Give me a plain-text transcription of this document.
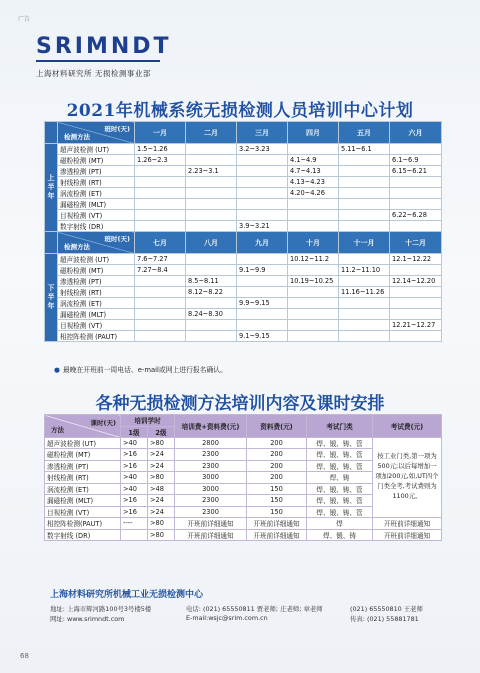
广告
SRIMNDT
上海材料研究所 无损检测事业部
2021年机械系统无损检测人员培训中心计划

	班时(天)
检测方法	一月	二月	三月	四月	五月	六月

上
半
年	超声波检测 (UT)	1.5~1.26		3.2~3.23		5.11~6.1	
	磁粉检测 (MT)	1.26~2.3			4.1~4.9		6.1~6.9
	渗透检测 (PT)		2.23~3.1		4.7~4.13		6.15~6.21
	射线检测 (RT)				4.13~4.23		
	涡流检测 (ET)				4.20~4.26		
	漏磁检测 (MLT)						
	目视检测 (VT)						6.22~6.28
	数字射线 (DR)			3.9~3.21			

	班时(天)
检测方法	七月	八月	九月	十月	十一月	十二月

下
半
年	超声波检测 (UT)	7.6~7.27			10.12~11.2		12.1~12.22
	磁粉检测 (MT)	7.27~8.4		9.1~9.9		11.2~11.10	
	渗透检测 (PT)		8.5~8.11		10.19~10.25		12.14~12.20
	射线检测 (RT)		8.12~8.22			11.16~11.26	
	涡流检测 (ET)			9.9~9.15			
	漏磁检测 (MLT)		8.24~8.30				
	目视检测 (VT)						12.21~12.27
	相控阵检测 (PAUT)			9.1~9.15			
● 最晚在开班前一周电话、e-mail或网上进行报名确认。
各种无损检测方法培训内容及课时安排
课时(天)
方法	培训学时		培训费+资料费(元)	资料费(元)	考试门类	考试费(元)
	1级	2级				
超声波检测 (UT)	>40	>80	2800	200	焊、锻、铸、管	按工业门类,第一项为500元;以后每增加一项加200元,如,UT四个门类全考,考试费则为1100元。
磁粉检测 (MT)	>16	>24	2300	200	焊、锻、铸、管	
渗透检测 (PT)	>16	>24	2300	200	焊、锻、铸、管	
射线检测 (RT)	>40	>80	3000	200	焊、铸	
涡流检测 (ET)	>40	>48	3000	150	焊、锻、铸、管	
漏磁检测 (MLT)	>16	>24	2300	150	焊、锻、铸、管	
目视检测 (VT)	>16	>24	2300	150	焊、锻、铸、管	
相控阵检测(PAUT)	----	>80	开班前详细通知	开班前详细通知	焊	开班前详细通知
数字射线 (DR)		>80	开班前详细通知	开班前详细通知	焊、锻、铸	开班前详细通知
上海材料研究所机械工业无损检测中心
地址: 上海市辉河路100号3号楼5楼
网址: www.srimndt.com
电话: (021) 65550811 贾老师; 庄老师; 章老师
E-mail:wsjc@srim.com.cn
(021) 65550810 王老师
传真: (021) 55881781
68
